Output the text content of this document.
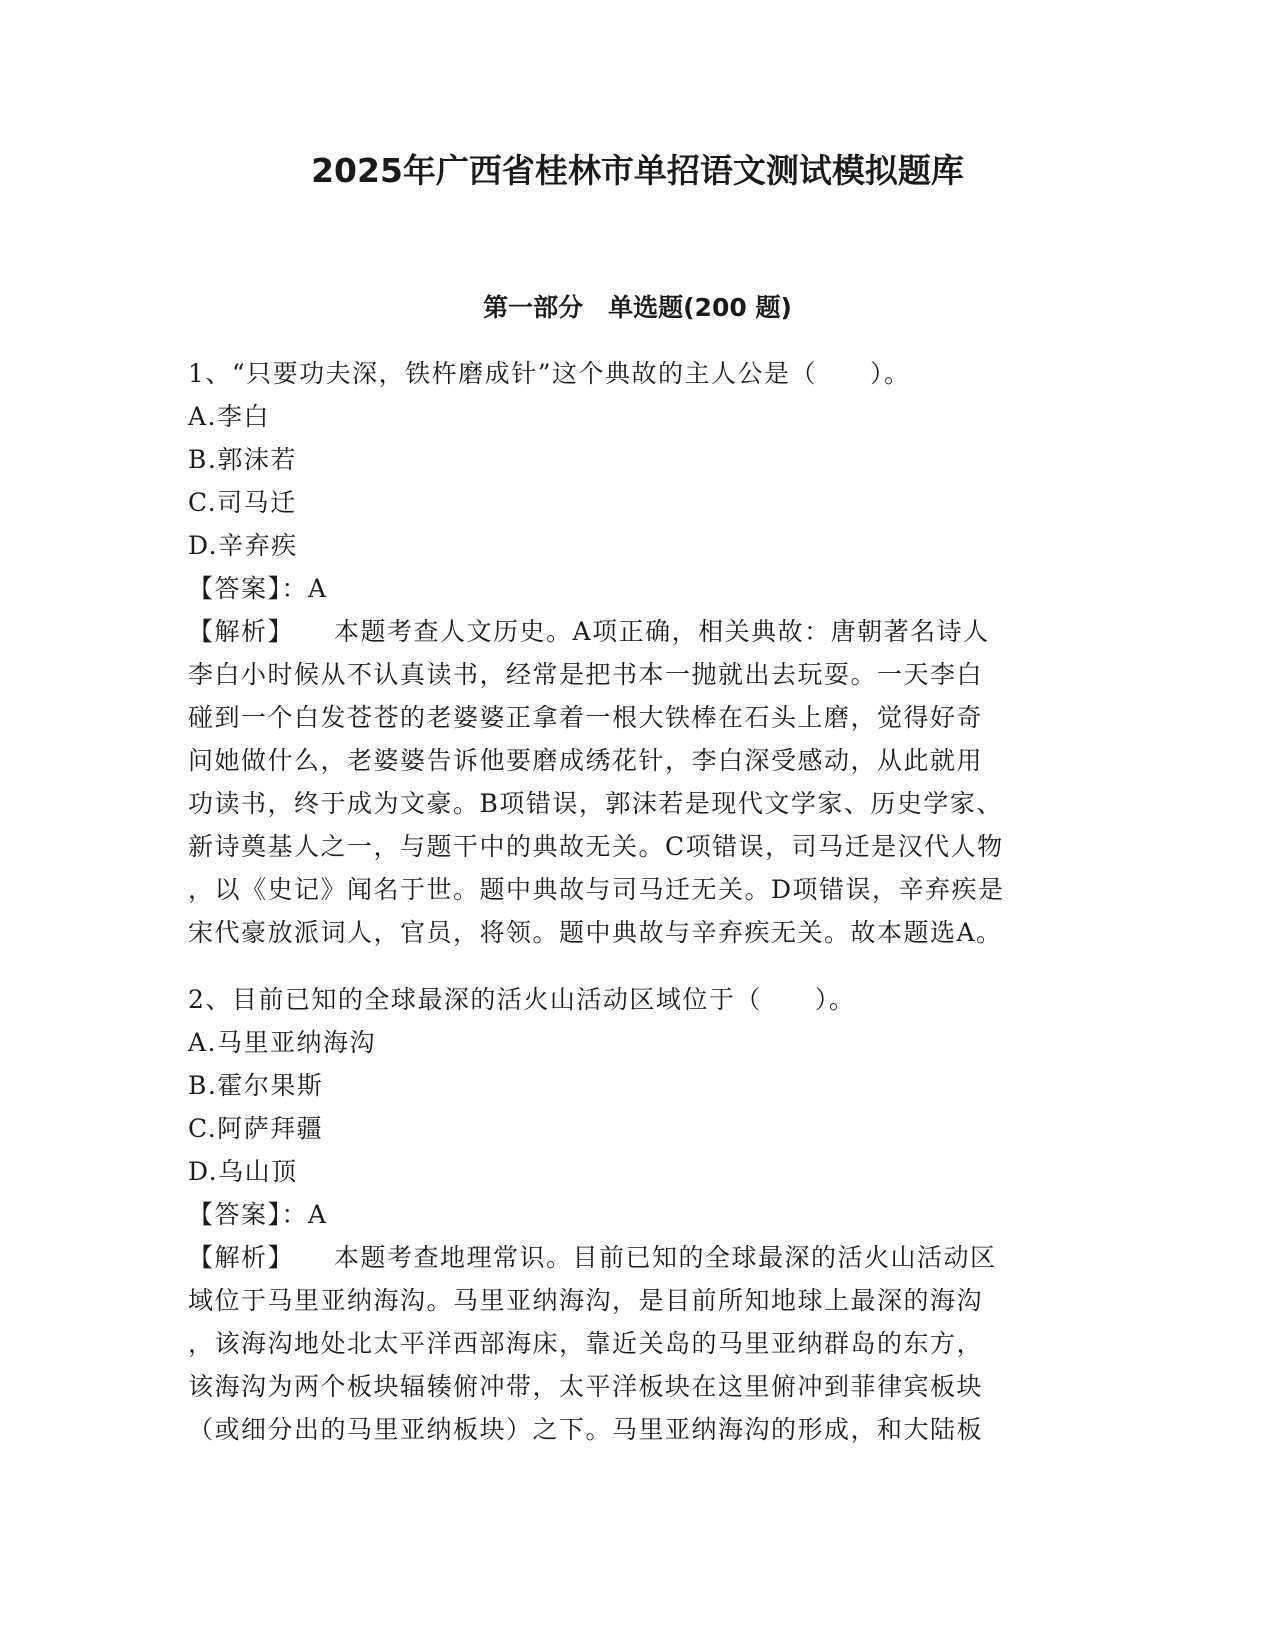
2025年广西省桂林市单招语文测试模拟题库
第一部分　单选题(200 题)
1、“只要功夫深，铁杵磨成针”这个典故的主人公是（　　）。
A.李白
B.郭沫若
C.司马迁
D.辛弃疾
【答案】：A
【解析】 本题考查人文历史。A项正确，相关典故：唐朝著名诗人
李白小时候从不认真读书，经常是把书本一抛就出去玩耍。一天李白
碰到一个白发苍苍的老婆婆正拿着一根大铁棒在石头上磨，觉得好奇
问她做什么，老婆婆告诉他要磨成绣花针，李白深受感动，从此就用
功读书，终于成为文豪。B项错误，郭沫若是现代文学家、历史学家、
新诗奠基人之一，与题干中的典故无关。C项错误，司马迁是汉代人物
，以《史记》闻名于世。题中典故与司马迁无关。D项错误，辛弃疾是
宋代豪放派词人，官员，将领。题中典故与辛弃疾无关。故本题选A。
2、目前已知的全球最深的活火山活动区域位于（　　）。
A.马里亚纳海沟
B.霍尔果斯
C.阿萨拜疆
D.乌山顶
【答案】：A
【解析】 本题考查地理常识。目前已知的全球最深的活火山活动区
域位于马里亚纳海沟。马里亚纳海沟，是目前所知地球上最深的海沟
，该海沟地处北太平洋西部海床，靠近关岛的马里亚纳群岛的东方，
该海沟为两个板块辐辏俯冲带，太平洋板块在这里俯冲到菲律宾板块
（或细分出的马里亚纳板块）之下。马里亚纳海沟的形成，和大陆板
